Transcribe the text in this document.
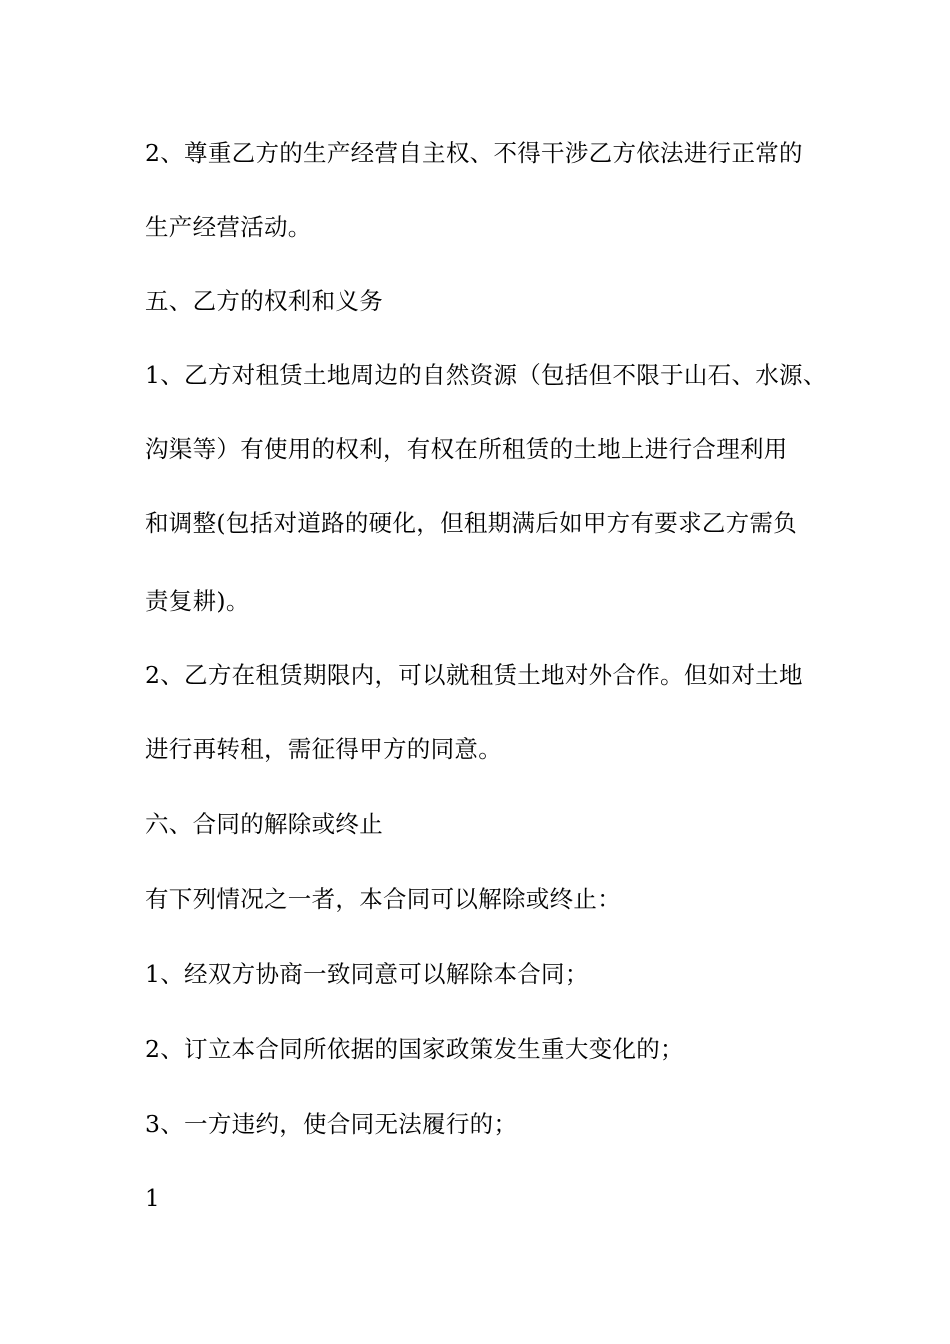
2、尊重乙方的生产经营自主权、不得干涉乙方依法进行正常的
生产经营活动。
五、乙方的权利和义务
1、乙方对租赁土地周边的自然资源（包括但不限于山石、水源、
沟渠等）有使用的权利，有权在所租赁的土地上进行合理利用
和调整(包括对道路的硬化，但租期满后如甲方有要求乙方需负
责复耕)。
2、乙方在租赁期限内，可以就租赁土地对外合作。但如对土地
进行再转租，需征得甲方的同意。
六、合同的解除或终止
有下列情况之一者，本合同可以解除或终止：
1、经双方协商一致同意可以解除本合同；
2、订立本合同所依据的国家政策发生重大变化的；
3、一方违约，使合同无法履行的；
1
